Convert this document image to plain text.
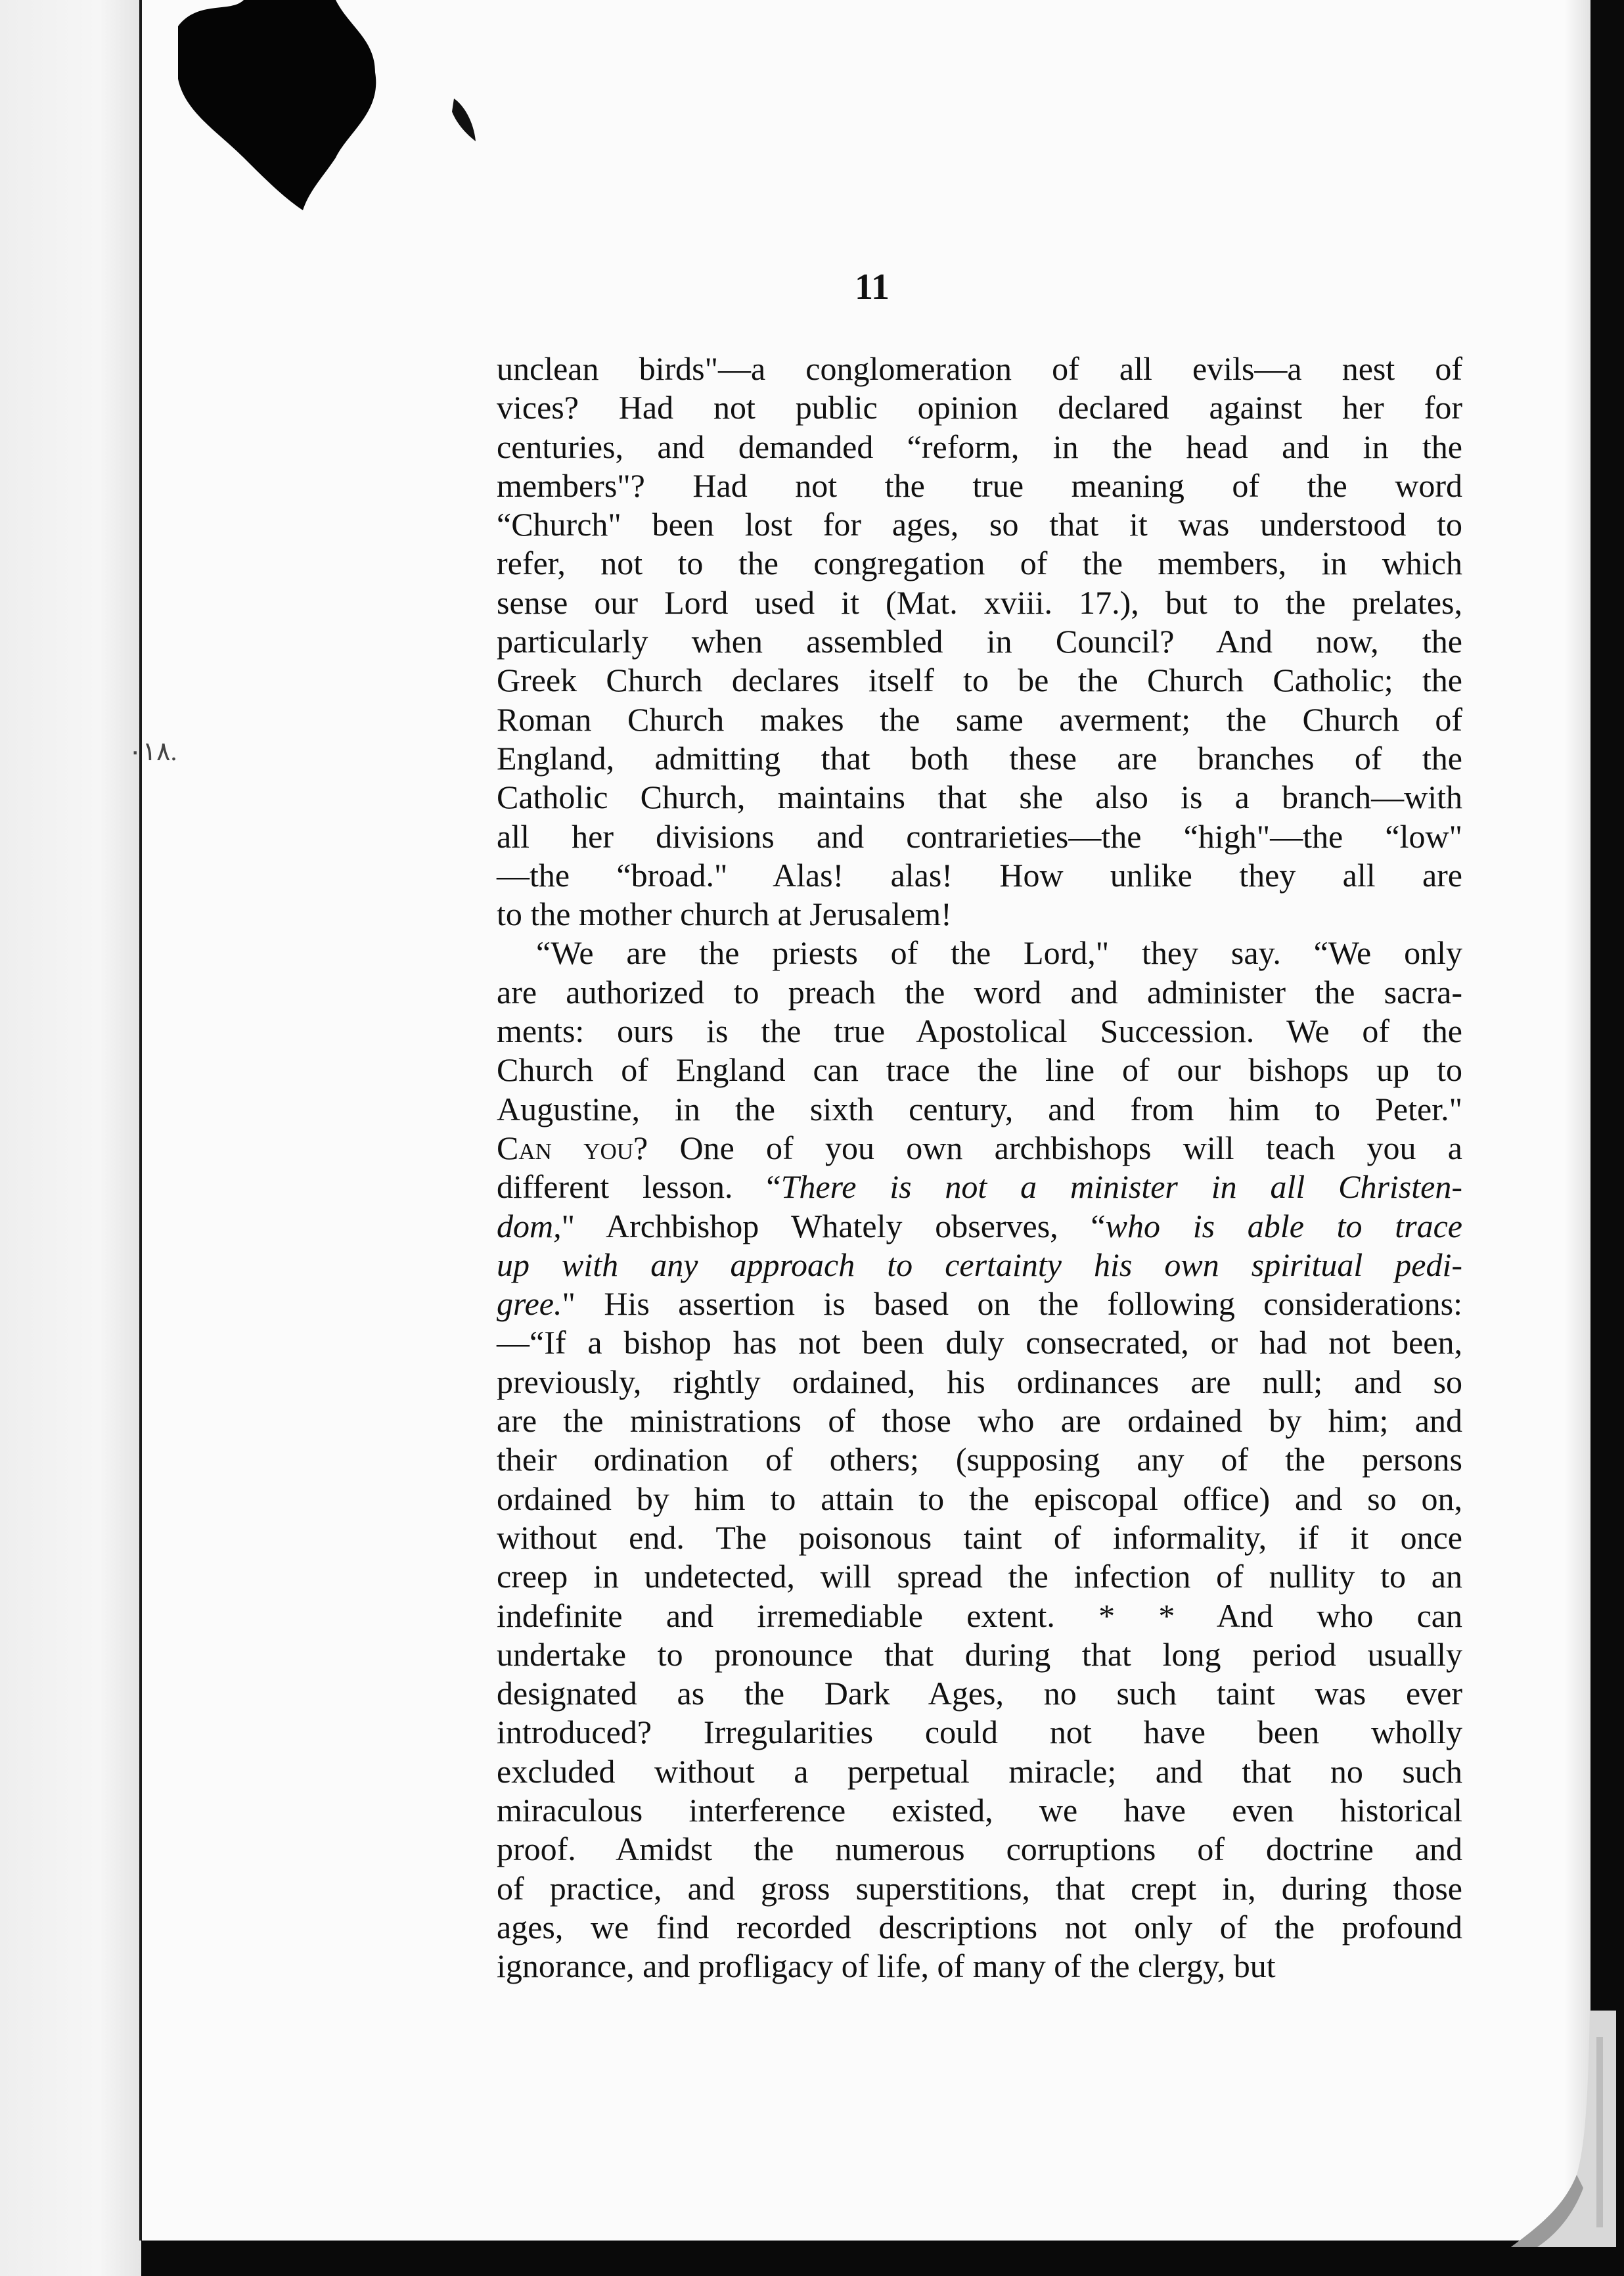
11
unclean birds"—a conglomeration of all evils—a nest of
vices? Had not public opinion declared against her for
centuries, and demanded “reform, in the head and in the
members"? Had not the true meaning of the word
“Church" been lost for ages, so that it was understood to
refer, not to the congregation of the members, in which
sense our Lord used it (Mat. xviii. 17.), but to the prelates,
particularly when assembled in Council? And now, the
Greek Church declares itself to be the Church Catholic; the
Roman Church makes the same averment; the Church of
England, admitting that both these are branches of the
Catholic Church, maintains that she also is a branch—with
all her divisions and contrarieties—the “high"—the “low"
—the “broad." Alas! alas! How unlike they all are
to the mother church at Jerusalem!
“We are the priests of the Lord," they say. “We only
are authorized to preach the word and administer the sacra-
ments: ours is the true Apostolical Succession. We of the
Church of England can trace the line of our bishops up to
Augustine, in the sixth century, and from him to Peter."
Can you? One of you own archbishops will teach you a
different lesson. “There is not a minister in all Christen-
dom," Archbishop Whately observes, “who is able to trace
up with any approach to certainty his own spiritual pedi-
gree." His assertion is based on the following considerations:
—“If a bishop has not been duly consecrated, or had not been,
previously, rightly ordained, his ordinances are null; and so
are the ministrations of those who are ordained by him; and
their ordination of others; (supposing any of the persons
ordained by him to attain to the episcopal office) and so on,
without end. The poisonous taint of informality, if it once
creep in undetected, will spread the infection of nullity to an
indefinite and irremediable extent. * * And who can
undertake to pronounce that during that long period usually
designated as the Dark Ages, no such taint was ever
introduced? Irregularities could not have been wholly
excluded without a perpetual miracle; and that no such
miraculous interference existed, we have even historical
proof. Amidst the numerous corruptions of doctrine and
of practice, and gross superstitions, that crept in, during those
ages, we find recorded descriptions not only of the profound
ignorance, and profligacy of life, of many of the clergy, but
۰۱۸.
